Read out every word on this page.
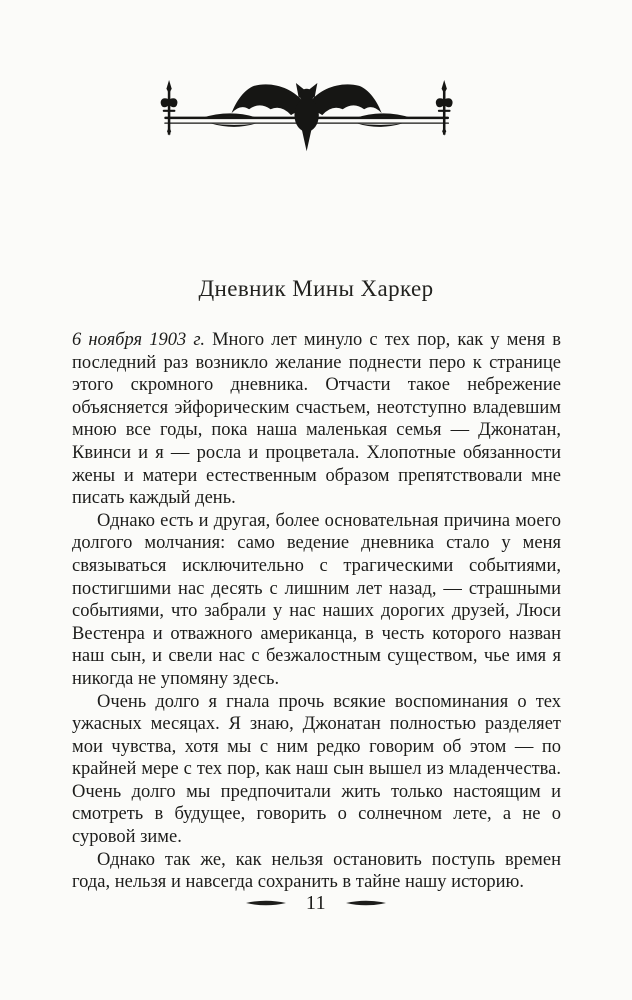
Дневник Мины Харкер

6 ноября 1903 г. Много лет минуло с тех пор, как у меня в последний раз возникло желание поднести перо к странице этого скромного дневника. Отчасти такое небрежение объясняется эйфорическим счастьем, неотступно владевшим мною все годы, пока наша маленькая семья — Джонатан, Квинси и я — росла и процветала. Хлопотные обязанности жены и матери естественным образом препятствовали мне писать каждый день.

Однако есть и другая, более основательная причина моего долгого молчания: само ведение дневника стало у меня связываться исключительно с трагическими событиями, постигшими нас десять с лишним лет назад, — страшными событиями, что забрали у нас наших дорогих друзей, Люси Вестенра и отважного американца, в честь которого назван наш сын, и свели нас с безжалостным существом, чье имя я никогда не упомяну здесь.

Очень долго я гнала прочь всякие воспоминания о тех ужасных месяцах. Я знаю, Джонатан полностью разделяет мои чувства, хотя мы с ним редко говорим об этом — по крайней мере с тех пор, как наш сын вышел из младенчества. Очень долго мы предпочитали жить только настоящим и смотреть в будущее, говорить о солнечном лете, а не о суровой зиме.

Однако так же, как нельзя остановить поступь времен года, нельзя и навсегда сохранить в тайне нашу историю.

11
